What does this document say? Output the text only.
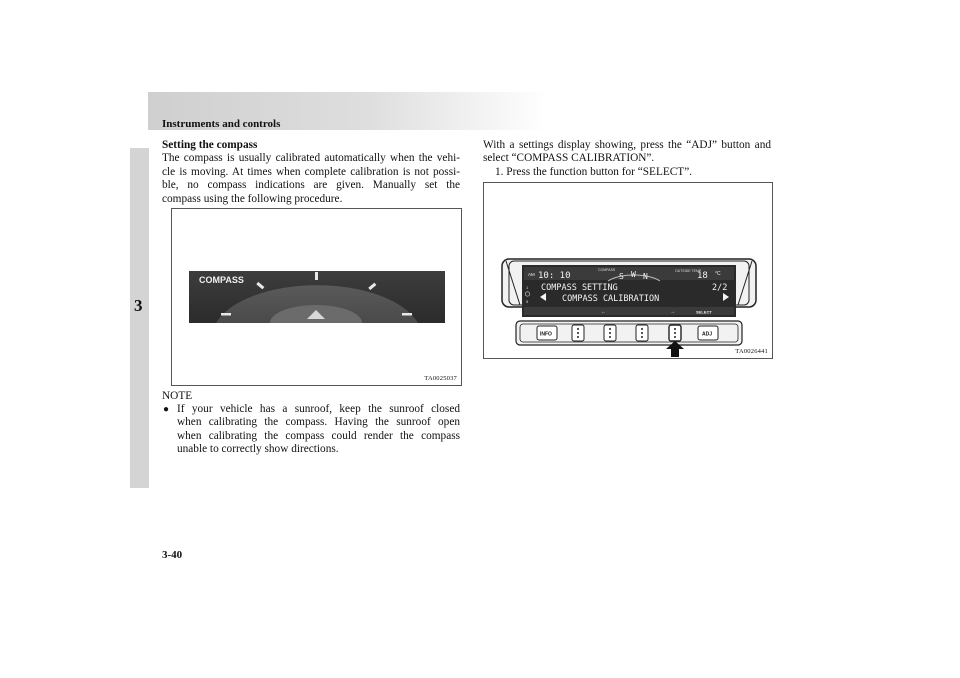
Instruments and controls
3
Setting the compass
The compass is usually calibrated automatically when the vehi-
cle is moving. At times when complete calibration is not possi-
ble, no compass indications are given. Manually set the
compass using the following procedure.
COMPASS
TA0025037
NOTE
● If your vehicle has a sunroof, keep the sunroof closed
when calibrating the compass. Having the sunroof open
when calibrating the compass could render the compass
unable to correctly show directions.
With a settings display showing, press the “ADJ” button and
select “COMPASS CALIBRATION”.
1. Press the function button for “SELECT”.
AM 10: 10
COMPASS
S W N
OUTSIDE TEMP
18 °C
1
5
COMPASS SETTING	2/2
COMPASS CALIBRATION
←	→	SELECT
INFO	ADJ
TA0026441
3-40
